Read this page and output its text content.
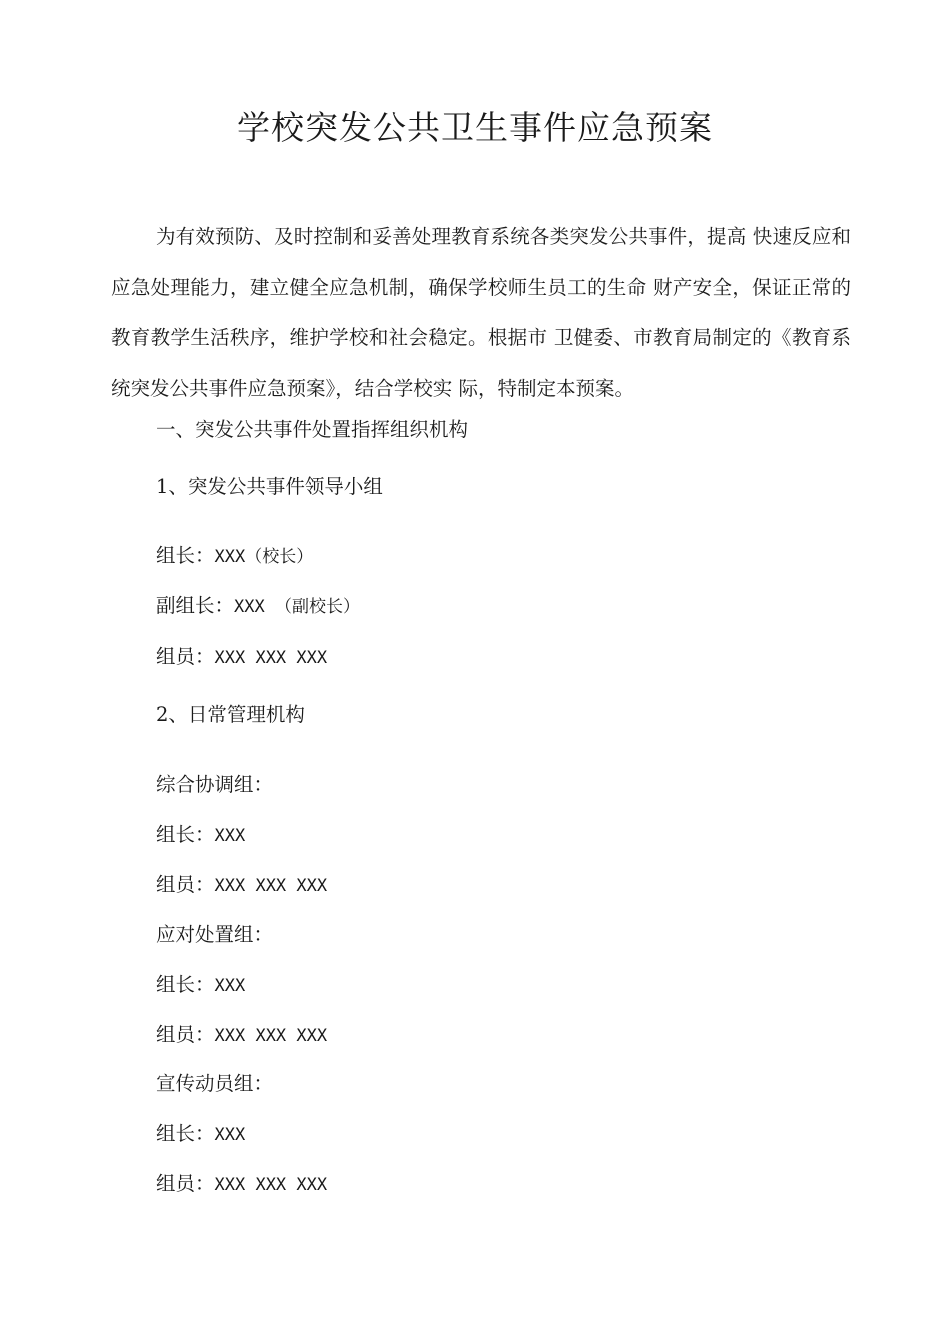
学校突发公共卫生事件应急预案

为有效预防、及时控制和妥善处理教育系统各类突发公共事件，提高 快速反应和应急处理能力，建立健全应急机制，确保学校师生员工的生命 财产安全，保证正常的教育教学生活秩序，维护学校和社会稳定。根据市 卫健委、市教育局制定的《教育系统突发公共事件应急预案》，结合学校实 际，特制定本预案。

一、突发公共事件处置指挥组织机构

1、突发公共事件领导小组

组长：XXX（校长）

副组长：XXX （副校长）

组员：XXX XXX XXX

2、日常管理机构

综合协调组：

组长：XXX

组员：XXX XXX XXX

应对处置组：

组长：XXX

组员：XXX XXX XXX

宣传动员组：

组长：XXX

组员：XXX XXX XXX
